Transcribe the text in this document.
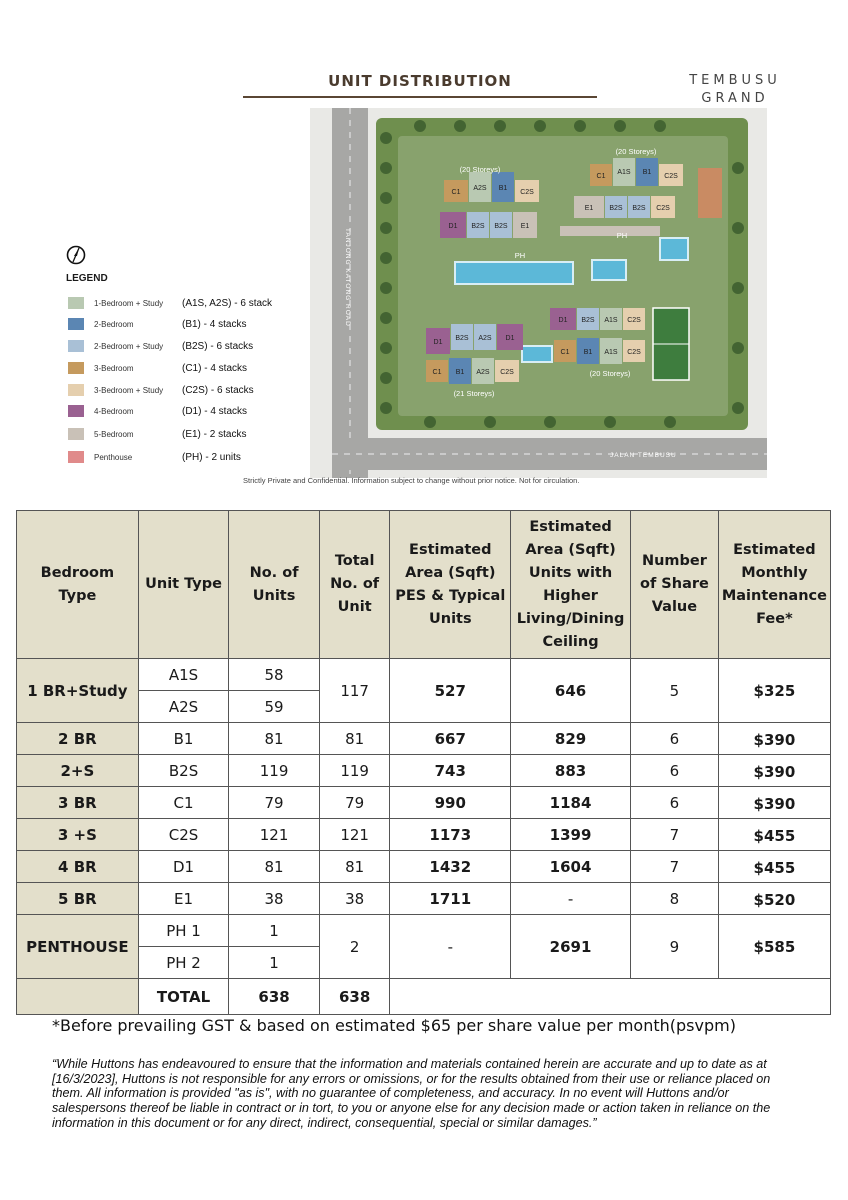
UNIT DISTRIBUTION	TEMBUSU
GRAND
LEGEND
1-Bedroom + Study	(A1S, A2S) - 6 stack
2-Bedroom	(B1) - 4 stacks
2-Bedroom + Study	(B2S) - 6 stacks
3-Bedroom	(C1) - 4 stacks
3-Bedroom + Study	(C2S) - 6 stacks
4-Bedroom	(D1) - 4 stacks
5-Bedroom	(E1) - 2 stacks
Penthouse	(PH) - 2 units
C1
A2S B1
C2S
D1 B2S B2S E1
(20 Storeys)
C1
A1S B1
C2S
E1 B2S B2S C2S
(20 Storeys)
PH
PH
D1
B2S A2S D1
C1 B1 A2S C2S
(21 Storeys)
D1 B2S A1S C2S
C1 B1 A1S C2S
(20 Storeys)
TANJONG KATONG ROAD
JALAN TEMBUSU
Strictly Private and Confidential. Information subject to change without prior notice. Not for circulation.
Bedroom Type	Unit Type	No. of Units	Total No. of Unit	Estimated Area (Sqft) PES & Typical Units	Estimated Area (Sqft) Units with Higher Living/Dining Ceiling	Number of Share Value	Estimated Monthly Maintenance Fee*
1 BR+Study	A1S	58	117	527	646	5	$325
	A2S	59					
2 BR	B1	81	81	667	829	6	$390
2+S	B2S	119	119	743	883	6	$390
3 BR	C1	79	79	990	1184	6	$390
3 +S	C2S	121	121	1173	1399	7	$455
4 BR	D1	81	81	1432	1604	7	$455
5 BR	E1	38	38	1711	-	8	$520
PENTHOUSE	PH 1	1	2	-	2691	9	$585
	PH 2	1					
	TOTAL	638	638				
*Before prevailing GST & based on estimated $65 per share value per month(psvpm)
“While Huttons has endeavoured to ensure that the information and materials contained herein are accurate and up to date as at [16/3/2023], Huttons is not responsible for any errors or omissions, or for the results obtained from their use or reliance placed on them. All information is provided "as is", with no guarantee of completeness, and accuracy. In no event will Huttons and/or salespersons thereof be liable in contract or in tort, to you or anyone else for any decision made or action taken in reliance on the information in this document or for any direct, indirect, consequential, special or similar damages.”
